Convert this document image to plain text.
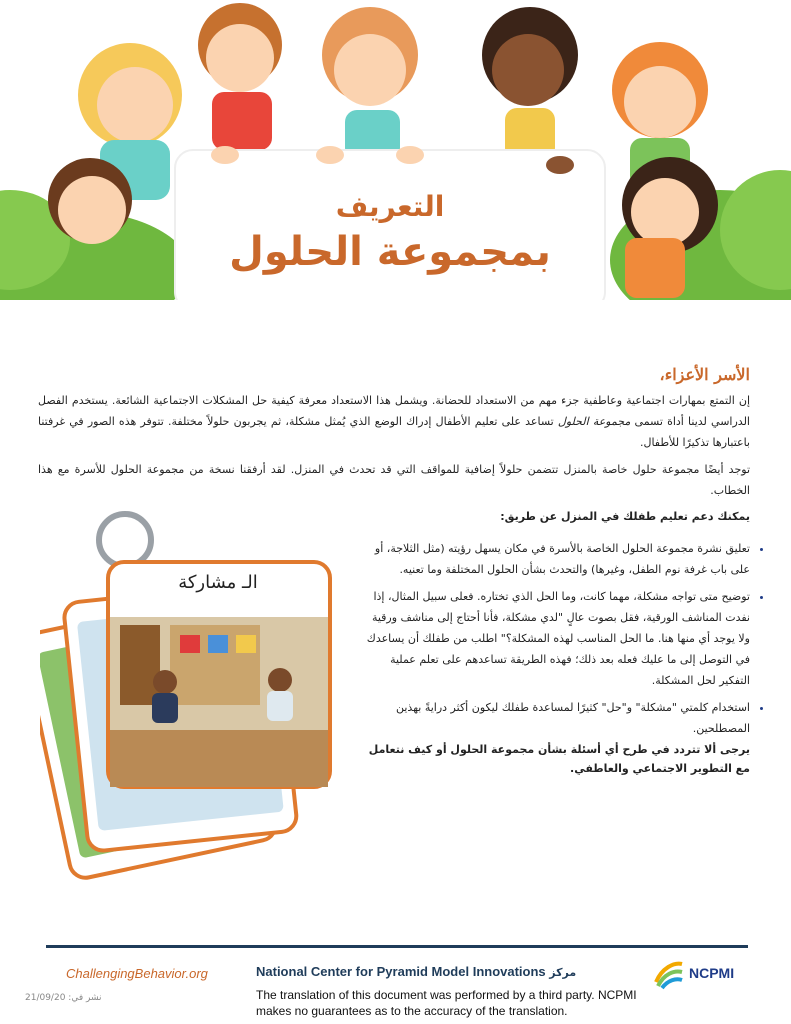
التعريف
بمجموعة الحلول

الأسر الأعزاء،

إن التمتع بمهارات اجتماعية وعاطفية جزء مهم من الاستعداد للحضانة. ويشمل هذا الاستعداد معرفة كيفية حل المشكلات الاجتماعية الشائعة. يستخدم الفصل الدراسي لدينا أداة تسمى مجموعة الحلول تساعد على تعليم الأطفال إدراك الوضع الذي يُمثل مشكلة، ثم يجربون حلولاً مختلفة. تتوفر هذه الصور في غرفتنا باعتبارها تذكيرًا للأطفال.

توجد أيضًا مجموعة حلول خاصة بالمنزل تتضمن حلولاً إضافية للمواقف التي قد تحدث في المنزل. لقد أرفقنا نسخة من مجموعة الحلول للأسرة مع هذا الخطاب.

يمكنك دعم تعليم طفلك في المنزل عن طريق:
• تعليق نشرة مجموعة الحلول الخاصة بالأسرة في مكان يسهل رؤيته (مثل الثلاجة، أو على باب غرفة نوم الطفل، وغيرها) والتحدث بشأن الحلول المختلفة وما تعنيه.
• توضيح متى تواجه مشكلة، مهما كانت، وما الحل الذي تختاره. فعلى سبيل المثال، إذا نفدت المناشف الورقية، فقل بصوت عالٍ "لدي مشكلة، فأنا أحتاج إلى مناشف ورقية ولا يوجد أي منها هنا. ما الحل المناسب لهذه المشكلة؟" اطلب من طفلك أن يساعدك في التوصل إلى ما عليك فعله بعد ذلك؛ فهذه الطريقة تساعدهم على تعلم عملية التفكير لحل المشكلة.
• استخدام كلمتي "مشكلة" و"حل" كثيرًا لمساعدة طفلك ليكون أكثر درايةً بهذين المصطلحين.
يرجى ألا تتردد في طرح أي أسئلة بشأن مجموعة الحلول أو كيف نتعامل مع التطوير الاجتماعي والعاطفي.
الـ مشاركة
ChallengingBehavior.org
نشر في: 21/09/20
National Center for Pyramid Model Innovations مركز
The translation of this document was performed by a third party. NCPMI makes no guarantees as to the accuracy of the translation.
NCPMI
